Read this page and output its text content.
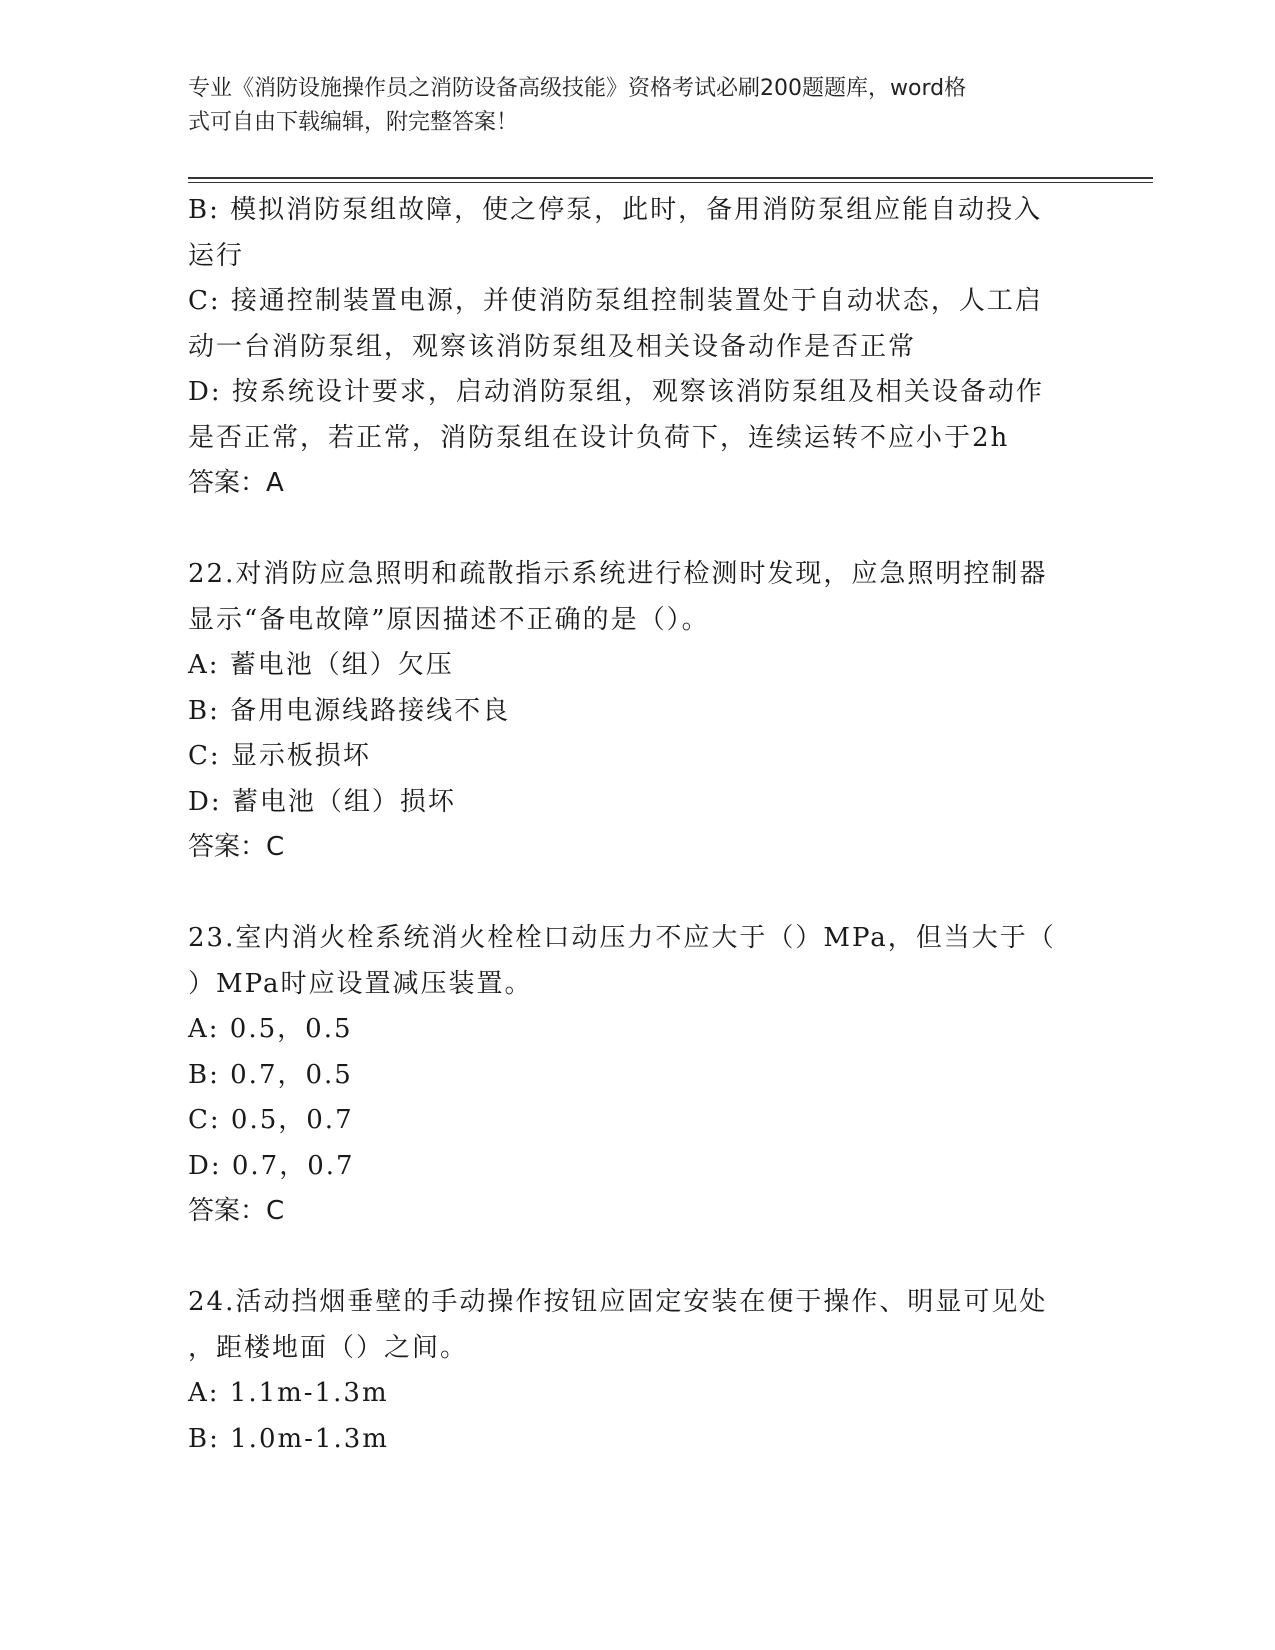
专业《消防设施操作员之消防设备高级技能》资格考试必刷200题题库，word格
式可自由下载编辑，附完整答案！
B: 模拟消防泵组故障，使之停泵，此时，备用消防泵组应能自动投入
运行
C: 接通控制装置电源，并使消防泵组控制装置处于自动状态，人工启
动一台消防泵组，观察该消防泵组及相关设备动作是否正常
D: 按系统设计要求，启动消防泵组，观察该消防泵组及相关设备动作
是否正常，若正常，消防泵组在设计负荷下，连续运转不应小于2h
答案：A
22.对消防应急照明和疏散指示系统进行检测时发现，应急照明控制器
显示“备电故障”原因描述不正确的是（）。
A: 蓄电池（组）欠压
B: 备用电源线路接线不良
C: 显示板损坏
D: 蓄电池（组）损坏
答案：C
23.室内消火栓系统消火栓栓口动压力不应大于（）MPa，但当大于（
）MPa时应设置减压装置。
A: 0.5，0.5
B: 0.7，0.5
C: 0.5，0.7
D: 0.7，0.7
答案：C
24.活动挡烟垂壁的手动操作按钮应固定安装在便于操作、明显可见处
，距楼地面（）之间。
A: 1.1m-1.3m
B: 1.0m-1.3m
